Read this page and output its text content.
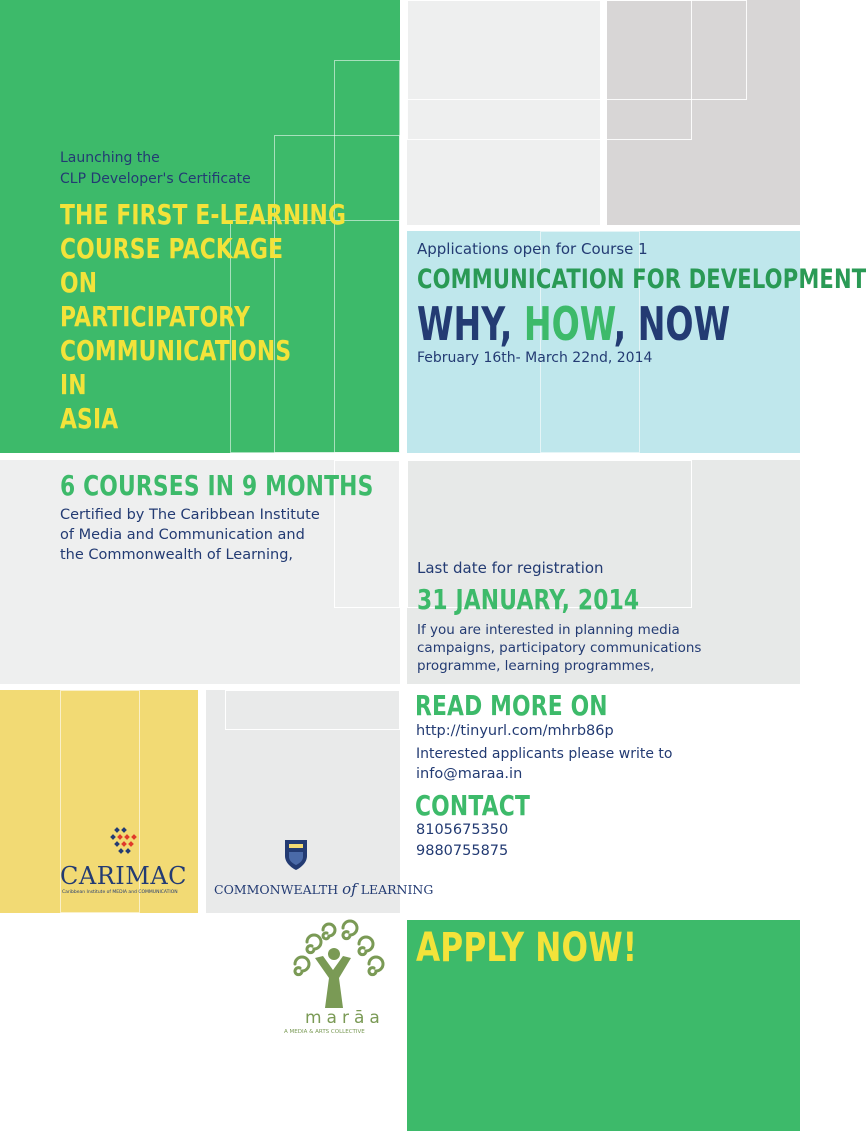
Launching the
CLP Developer's Certificate
THE FIRST E-LEARNING
COURSE PACKAGE
ON
PARTICIPATORY
COMMUNICATIONS
IN
ASIA
Applications open for Course 1
COMMUNICATION FOR DEVELOPMENT
WHY, HOW, NOW
February 16th- March 22nd, 2014
6 COURSES IN 9 MONTHS
Certified by The Caribbean Institute
of Media and Communication and
the Commonwealth of Learning,
Last date for registration
31 JANUARY, 2014
If you are interested in planning media
campaigns, participatory communications
programme, learning programmes,
READ MORE ON
http://tinyurl.com/mhrb86p
Interested applicants please write to
info@maraa.in
CONTACT
8105675350
9880755875
CARIMAC
Caribbean Institute of MEDIA and COMMUNICATION	COMMONWEALTH of LEARNING
marāa
A MEDIA & ARTS COLLECTIVE
APPLY NOW!
